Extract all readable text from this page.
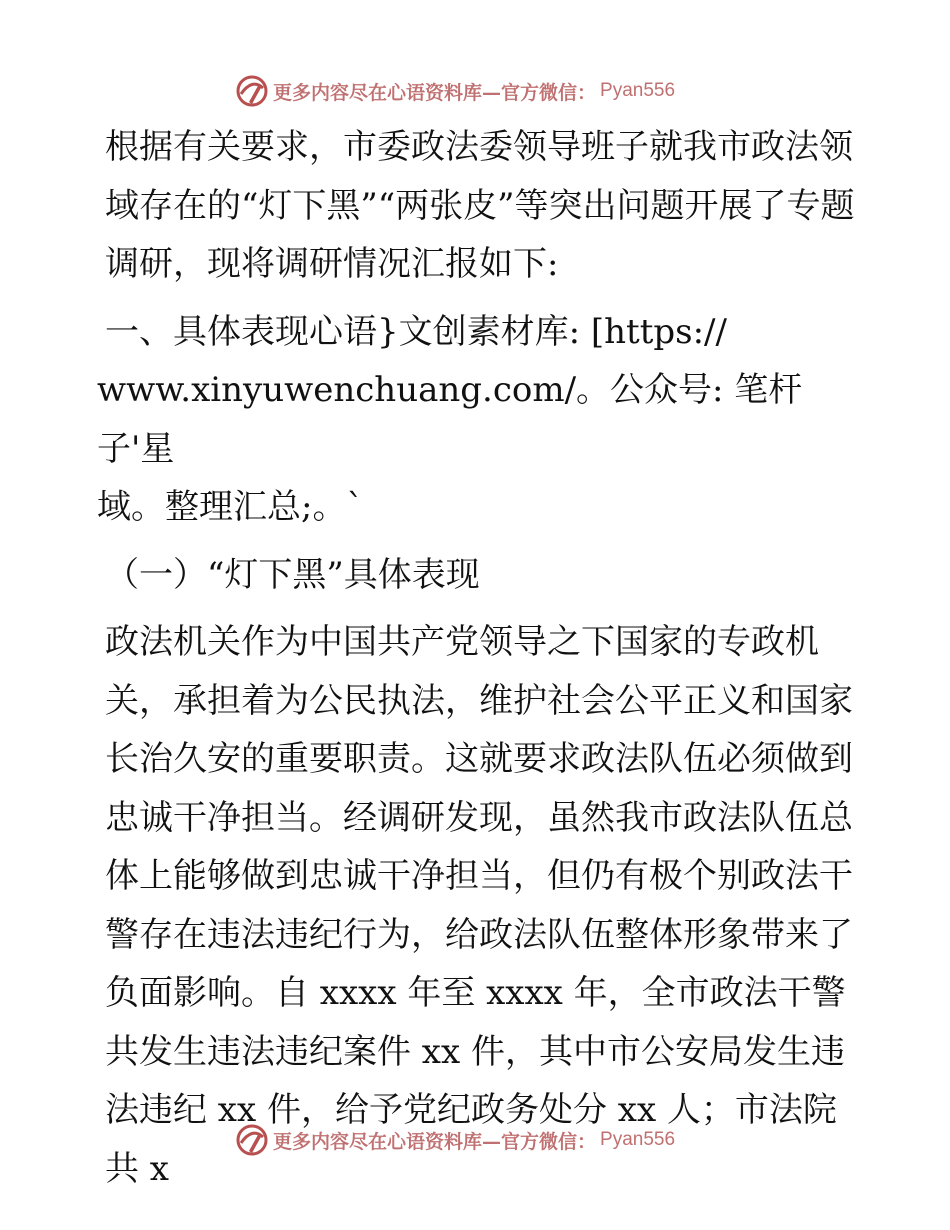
更多内容尽在心语资料库—官方微信： Pyan556

根据有关要求，市委政法委领导班子就我市政法领域存在的“灯下黑”“两张皮”等突出问题开展了专题调研，现将调研情况汇报如下:

一、具体表现心语}文创素材库: [https://

www.xinyuwenchuang.com/。公众号: 笔杆子'星

域。整理汇总;。`

（一）“灯下黑”具体表现

政法机关作为中国共产党领导之下国家的专政机关，承担着为公民执法，维护社会公平正义和国家长治久安的重要职责。这就要求政法队伍必须做到忠诚干净担当。经调研发现，虽然我市政法队伍总体上能够做到忠诚干净担当，但仍有极个别政法干警存在违法违纪行为，给政法队伍整体形象带来了负面影响。自 xxxx 年至 xxxx 年，全市政法干警共发生违法违纪案件 xx 件，其中市公安局发生违法违纪 xx 件，给予党纪政务处分 xx 人；市法院共 x

更多内容尽在心语资料库—官方微信： Pyan556
